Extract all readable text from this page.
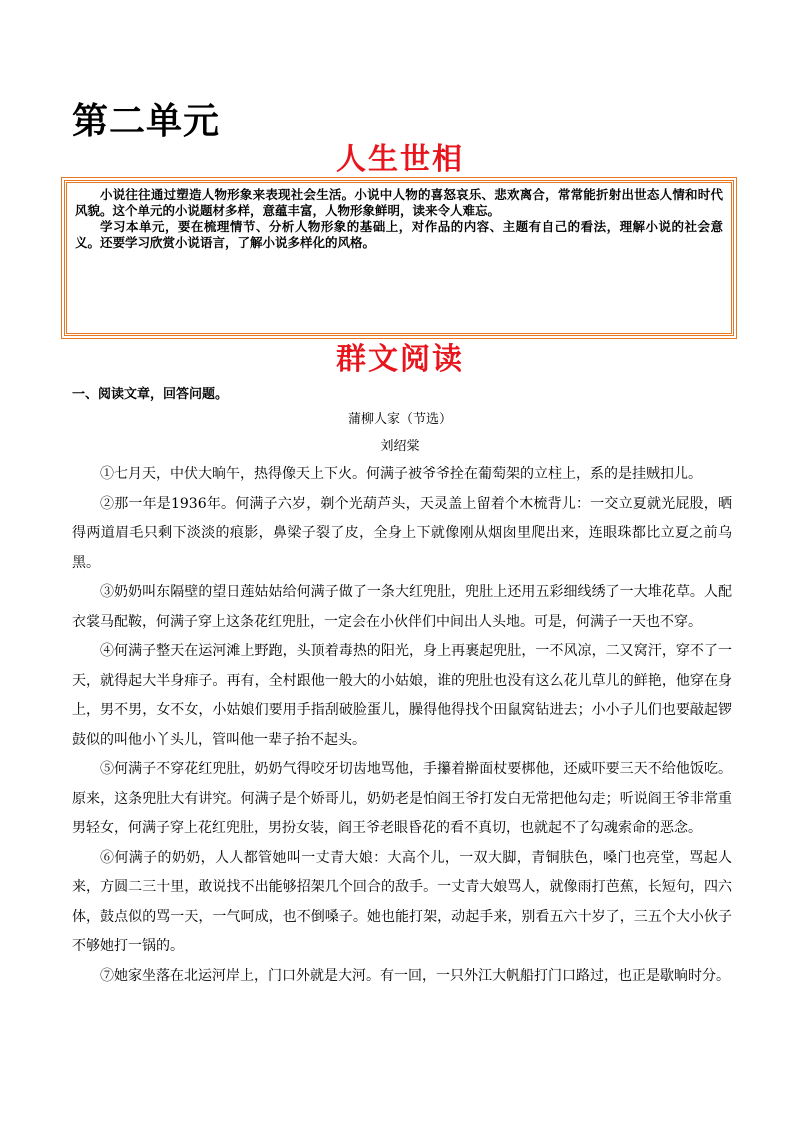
第二单元
人生世相

小说往往通过塑造人物形象来表现社会生活。小说中人物的喜怒哀乐、悲欢离合，常常能折射出世态人情和时代风貌。这个单元的小说题材多样，意蕴丰富，人物形象鲜明，读来令人难忘。

学习本单元，要在梳理情节、分析人物形象的基础上，对作品的内容、主题有自己的看法，理解小说的社会意义。还要学习欣赏小说语言，了解小说多样化的风格。

群文阅读
一、阅读文章，回答问题。
蒲柳人家（节选）
刘绍棠

①七月天，中伏大晌午，热得像天上下火。何满子被爷爷拴在葡萄架的立柱上，系的是挂贼扣儿。

②那一年是1936年。何满子六岁，剃个光葫芦头，天灵盖上留着个木梳背儿：一交立夏就光屁股，晒得两道眉毛只剩下淡淡的痕影，鼻梁子裂了皮，全身上下就像刚从烟囱里爬出来，连眼珠都比立夏之前乌黑。

③奶奶叫东隔壁的望日莲姑姑给何满子做了一条大红兜肚，兜肚上还用五彩细线绣了一大堆花草。人配衣裳马配鞍，何满子穿上这条花红兜肚，一定会在小伙伴们中间出人头地。可是，何满子一天也不穿。

④何满子整天在运河滩上野跑，头顶着毒热的阳光，身上再裹起兜肚，一不风凉，二又窝汗，穿不了一天，就得起大半身痱子。再有，全村跟他一般大的小姑娘，谁的兜肚也没有这么花儿草儿的鲜艳，他穿在身上，男不男，女不女，小姑娘们要用手指刮破脸蛋儿，臊得他得找个田鼠窝钻进去；小小子儿们也要敲起锣鼓似的叫他小丫头儿，管叫他一辈子抬不起头。

⑤何满子不穿花红兜肚，奶奶气得咬牙切齿地骂他，手攥着擀面杖要梆他，还威吓要三天不给他饭吃。原来，这条兜肚大有讲究。何满子是个娇哥儿，奶奶老是怕阎王爷打发白无常把他勾走；听说阎王爷非常重男轻女，何满子穿上花红兜肚，男扮女装，阎王爷老眼昏花的看不真切，也就起不了勾魂索命的恶念。

⑥何满子的奶奶，人人都管她叫一丈青大娘：大高个儿，一双大脚，青铜肤色，嗓门也亮堂，骂起人来，方圆二三十里，敢说找不出能够招架几个回合的敌手。一丈青大娘骂人，就像雨打芭蕉，长短句，四六体，鼓点似的骂一天，一气呵成，也不倒嗓子。她也能打架，动起手来，别看五六十岁了，三五个大小伙子不够她打一锅的。

⑦她家坐落在北运河岸上，门口外就是大河。有一回，一只外江大帆船打门口路过，也正是歇晌时分。
